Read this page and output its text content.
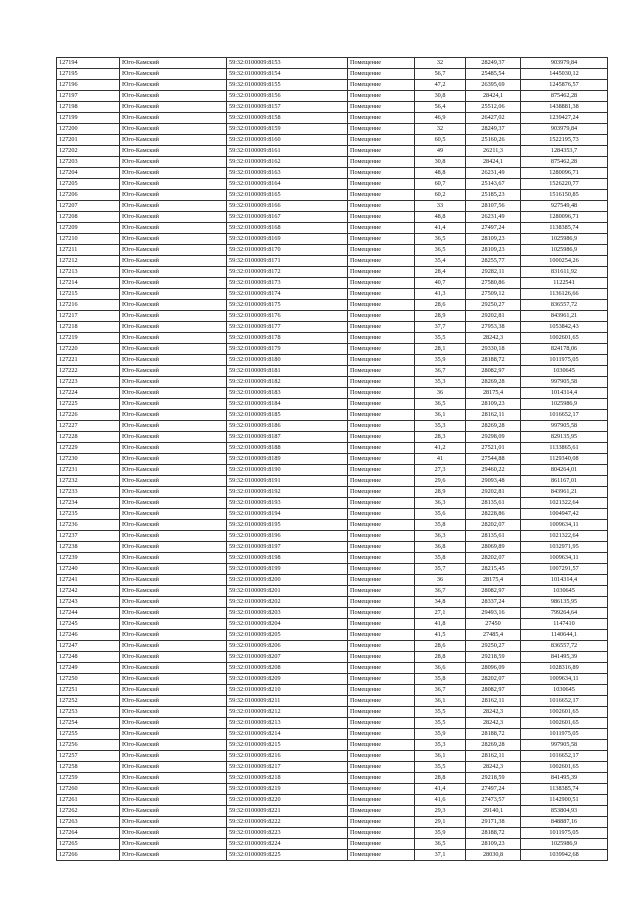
127194	Юго-Камский	59:32:0100009:8153	Помещение	32	28249,37	903979,84
127195	Юго-Камский	59:32:0100009:8154	Помещение	56,7	25485,54	1445030,12
127196	Юго-Камский	59:32:0100009:8155	Помещение	47,2	26395,69	1245876,57
127197	Юго-Камский	59:32:0100009:8156	Помещение	30,8	28424,1	875462,28
127198	Юго-Камский	59:32:0100009:8157	Помещение	56,4	25512,06	1438881,38
127199	Юго-Камский	59:32:0100009:8158	Помещение	46,9	26427,02	1239427,24
127200	Юго-Камский	59:32:0100009:8159	Помещение	32	28249,37	903979,84
127201	Юго-Камский	59:32:0100009:8160	Помещение	60,5	25160,26	1522195,73
127202	Юго-Камский	59:32:0100009:8161	Помещение	49	26211,3	1284353,7
127203	Юго-Камский	59:32:0100009:8162	Помещение	30,8	28424,1	875462,28
127204	Юго-Камский	59:32:0100009:8163	Помещение	48,8	26231,49	1280096,71
127205	Юго-Камский	59:32:0100009:8164	Помещение	60,7	25143,67	1526220,77
127206	Юго-Камский	59:32:0100009:8165	Помещение	60,2	25185,23	1516150,85
127207	Юго-Камский	59:32:0100009:8166	Помещение	33	28107,56	927549,48
127208	Юго-Камский	59:32:0100009:8167	Помещение	48,8	26231,49	1280096,71
127209	Юго-Камский	59:32:0100009:8168	Помещение	41,4	27497,24	1138385,74
127210	Юго-Камский	59:32:0100009:8169	Помещение	36,5	28109,23	1025986,9
127211	Юго-Камский	59:32:0100009:8170	Помещение	36,5	28109,23	1025986,9
127212	Юго-Камский	59:32:0100009:8171	Помещение	35,4	28255,77	1000254,26
127213	Юго-Камский	59:32:0100009:8172	Помещение	28,4	29282,11	831611,92
127214	Юго-Камский	59:32:0100009:8173	Помещение	40,7	27580,86	1122541
127215	Юго-Камский	59:32:0100009:8174	Помещение	41,3	27509,12	1136126,66
127216	Юго-Камский	59:32:0100009:8175	Помещение	28,6	29250,27	836557,72
127217	Юго-Камский	59:32:0100009:8176	Помещение	28,9	29202,81	843961,21
127218	Юго-Камский	59:32:0100009:8177	Помещение	37,7	27953,38	1053842,43
127219	Юго-Камский	59:32:0100009:8178	Помещение	35,5	28242,3	1002601,65
127220	Юго-Камский	59:32:0100009:8179	Помещение	28,1	29330,18	824178,06
127221	Юго-Камский	59:32:0100009:8180	Помещение	35,9	28188,72	1011975,05
127222	Юго-Камский	59:32:0100009:8181	Помещение	36,7	28082,97	1030645
127223	Юго-Камский	59:32:0100009:8182	Помещение	35,3	28269,28	997905,58
127224	Юго-Камский	59:32:0100009:8183	Помещение	36	28175,4	1014314,4
127225	Юго-Камский	59:32:0100009:8184	Помещение	36,5	28109,23	1025986,9
127226	Юго-Камский	59:32:0100009:8185	Помещение	36,1	28162,11	1016652,17
127227	Юго-Камский	59:32:0100009:8186	Помещение	35,3	28269,28	997905,58
127228	Юго-Камский	59:32:0100009:8187	Помещение	28,3	29298,09	829135,95
127229	Юго-Камский	59:32:0100009:8188	Помещение	41,2	27521,01	1133865,61
127230	Юго-Камский	59:32:0100009:8189	Помещение	41	27544,88	1129340,08
127231	Юго-Камский	59:32:0100009:8190	Помещение	27,3	29460,22	804264,01
127232	Юго-Камский	59:32:0100009:8191	Помещение	29,6	29093,48	861167,01
127233	Юго-Камский	59:32:0100009:8192	Помещение	28,9	29202,81	843961,21
127234	Юго-Камский	59:32:0100009:8193	Помещение	36,3	28135,61	1021322,64
127235	Юго-Камский	59:32:0100009:8194	Помещение	35,6	28228,86	1004947,42
127236	Юго-Камский	59:32:0100009:8195	Помещение	35,8	28202,07	1009634,11
127237	Юго-Камский	59:32:0100009:8196	Помещение	36,3	28135,61	1021322,64
127238	Юго-Камский	59:32:0100009:8197	Помещение	36,8	28069,89	1032971,95
127239	Юго-Камский	59:32:0100009:8198	Помещение	35,8	28202,07	1009634,11
127240	Юго-Камский	59:32:0100009:8199	Помещение	35,7	28215,45	1007291,57
127241	Юго-Камский	59:32:0100009:8200	Помещение	36	28175,4	1014314,4
127242	Юго-Камский	59:32:0100009:8201	Помещение	36,7	28082,97	1030645
127243	Юго-Камский	59:32:0100009:8202	Помещение	34,8	28337,24	986135,95
127244	Юго-Камский	59:32:0100009:8203	Помещение	27,1	29493,16	799264,64
127245	Юго-Камский	59:32:0100009:8204	Помещение	41,8	27450	1147410
127246	Юго-Камский	59:32:0100009:8205	Помещение	41,5	27485,4	1140644,1
127247	Юго-Камский	59:32:0100009:8206	Помещение	28,6	29250,27	836557,72
127248	Юго-Камский	59:32:0100009:8207	Помещение	28,8	29218,59	841495,39
127249	Юго-Камский	59:32:0100009:8208	Помещение	36,6	28096,09	1028316,89
127250	Юго-Камский	59:32:0100009:8209	Помещение	35,8	28202,07	1009634,11
127251	Юго-Камский	59:32:0100009:8210	Помещение	36,7	28082,97	1030645
127252	Юго-Камский	59:32:0100009:8211	Помещение	36,1	28162,11	1016652,17
127253	Юго-Камский	59:32:0100009:8212	Помещение	35,5	28242,3	1002601,65
127254	Юго-Камский	59:32:0100009:8213	Помещение	35,5	28242,3	1002601,65
127255	Юго-Камский	59:32:0100009:8214	Помещение	35,9	28188,72	1011975,05
127256	Юго-Камский	59:32:0100009:8215	Помещение	35,3	28269,28	997905,58
127257	Юго-Камский	59:32:0100009:8216	Помещение	36,1	28162,11	1016652,17
127258	Юго-Камский	59:32:0100009:8217	Помещение	35,5	28242,3	1002601,65
127259	Юго-Камский	59:32:0100009:8218	Помещение	28,8	29218,59	841495,39
127260	Юго-Камский	59:32:0100009:8219	Помещение	41,4	27497,24	1138385,74
127261	Юго-Камский	59:32:0100009:8220	Помещение	41,6	27473,57	1142900,51
127262	Юго-Камский	59:32:0100009:8221	Помещение	29,3	29140,1	853804,93
127263	Юго-Камский	59:32:0100009:8222	Помещение	29,1	29171,38	848887,16
127264	Юго-Камский	59:32:0100009:8223	Помещение	35,9	28188,72	1011975,05
127265	Юго-Камский	59:32:0100009:8224	Помещение	36,5	28109,23	1025986,9
127266	Юго-Камский	59:32:0100009:8225	Помещение	37,1	28030,8	1039942,68
